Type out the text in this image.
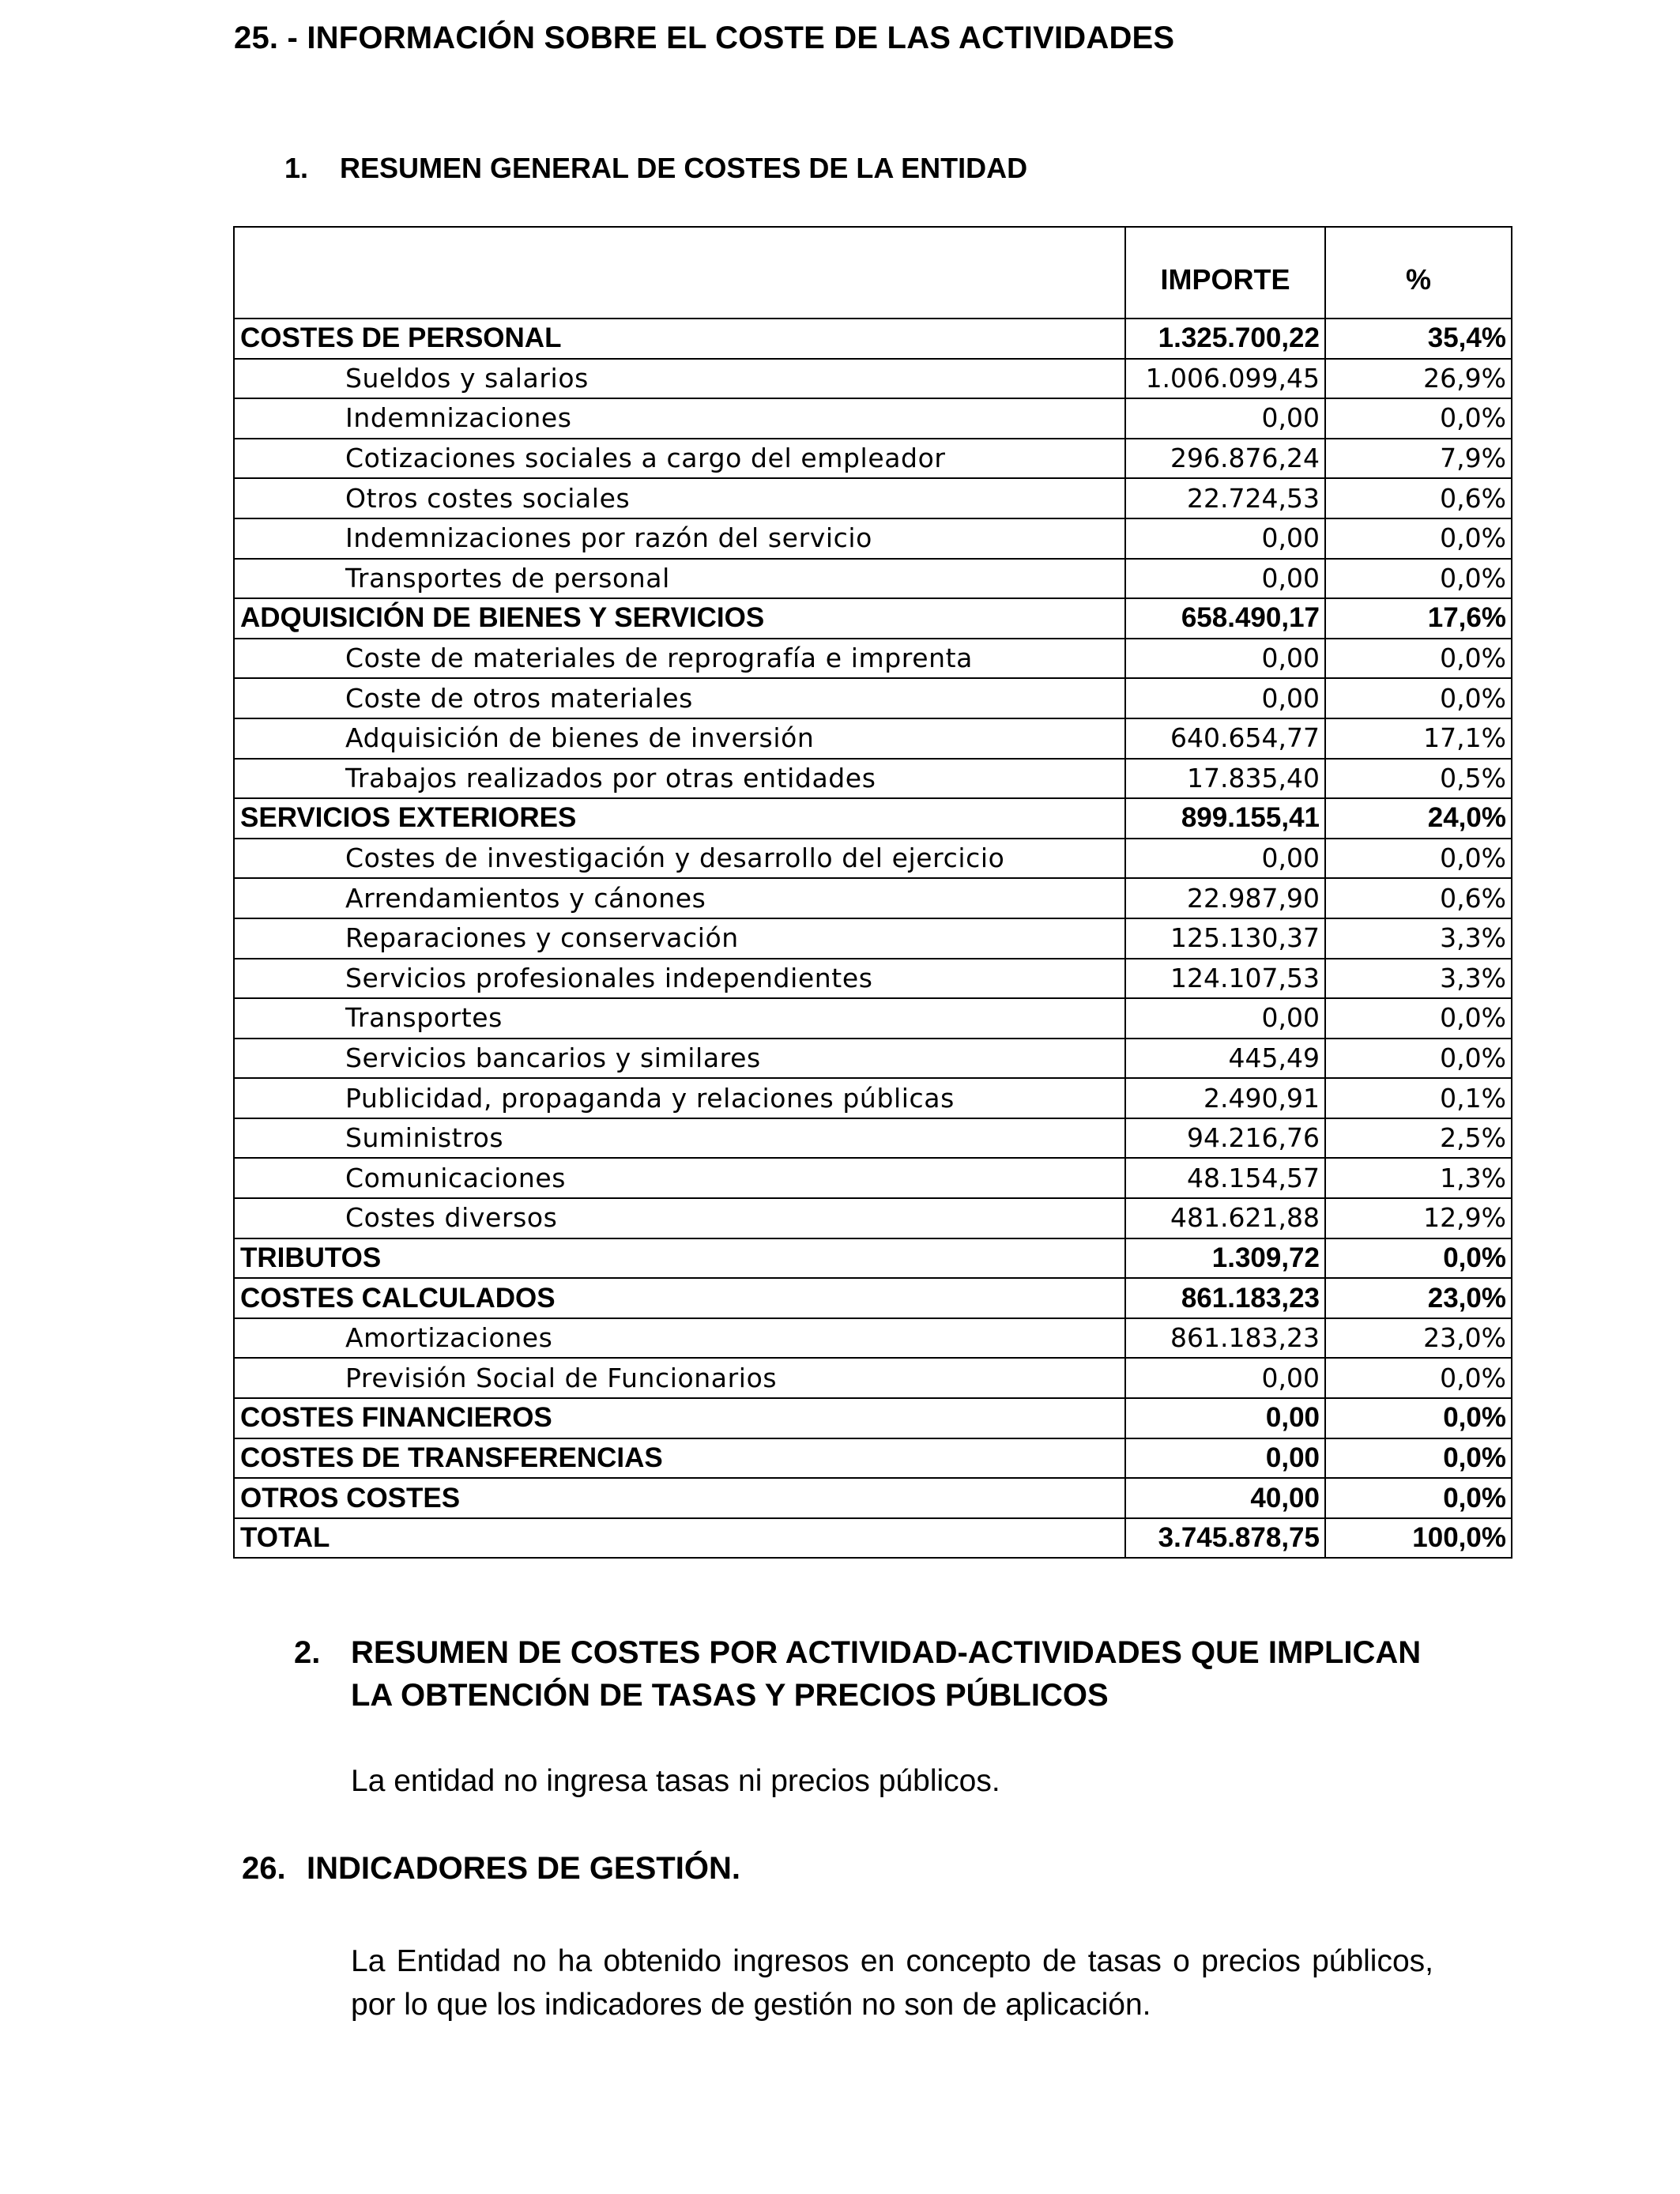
25. - INFORMACIÓN SOBRE EL COSTE DE LAS ACTIVIDADES
1. RESUMEN GENERAL DE COSTES DE LA ENTIDAD
	IMPORTE	%
COSTES DE PERSONAL	1.325.700,22	35,4%
Sueldos y salarios	1.006.099,45	26,9%
Indemnizaciones	0,00	0,0%
Cotizaciones sociales a cargo del empleador	296.876,24	7,9%
Otros costes sociales	22.724,53	0,6%
Indemnizaciones por razón del servicio	0,00	0,0%
Transportes de personal	0,00	0,0%
ADQUISICIÓN DE BIENES Y SERVICIOS	658.490,17	17,6%
Coste de materiales de reprografía e imprenta	0,00	0,0%
Coste de otros materiales	0,00	0,0%
Adquisición de bienes de inversión	640.654,77	17,1%
Trabajos realizados por otras entidades	17.835,40	0,5%
SERVICIOS EXTERIORES	899.155,41	24,0%
Costes de investigación y desarrollo del ejercicio	0,00	0,0%
Arrendamientos y cánones	22.987,90	0,6%
Reparaciones y conservación	125.130,37	3,3%
Servicios profesionales independientes	124.107,53	3,3%
Transportes	0,00	0,0%
Servicios bancarios y similares	445,49	0,0%
Publicidad, propaganda y relaciones públicas	2.490,91	0,1%
Suministros	94.216,76	2,5%
Comunicaciones	48.154,57	1,3%
Costes diversos	481.621,88	12,9%
TRIBUTOS	1.309,72	0,0%
COSTES CALCULADOS	861.183,23	23,0%
Amortizaciones	861.183,23	23,0%
Previsión Social de Funcionarios	0,00	0,0%
COSTES FINANCIEROS	0,00	0,0%
COSTES DE TRANSFERENCIAS	0,00	0,0%
OTROS COSTES	40,00	0,0%
TOTAL	3.745.878,75	100,0%
2. RESUMEN DE COSTES POR ACTIVIDAD-ACTIVIDADES QUE IMPLICAN
LA OBTENCIÓN DE TASAS Y PRECIOS PÚBLICOS
La entidad no ingresa tasas ni precios públicos.
26. INDICADORES DE GESTIÓN.
La Entidad no ha obtenido ingresos en concepto de tasas o precios públicos, por lo que los indicadores de gestión no son de aplicación.
